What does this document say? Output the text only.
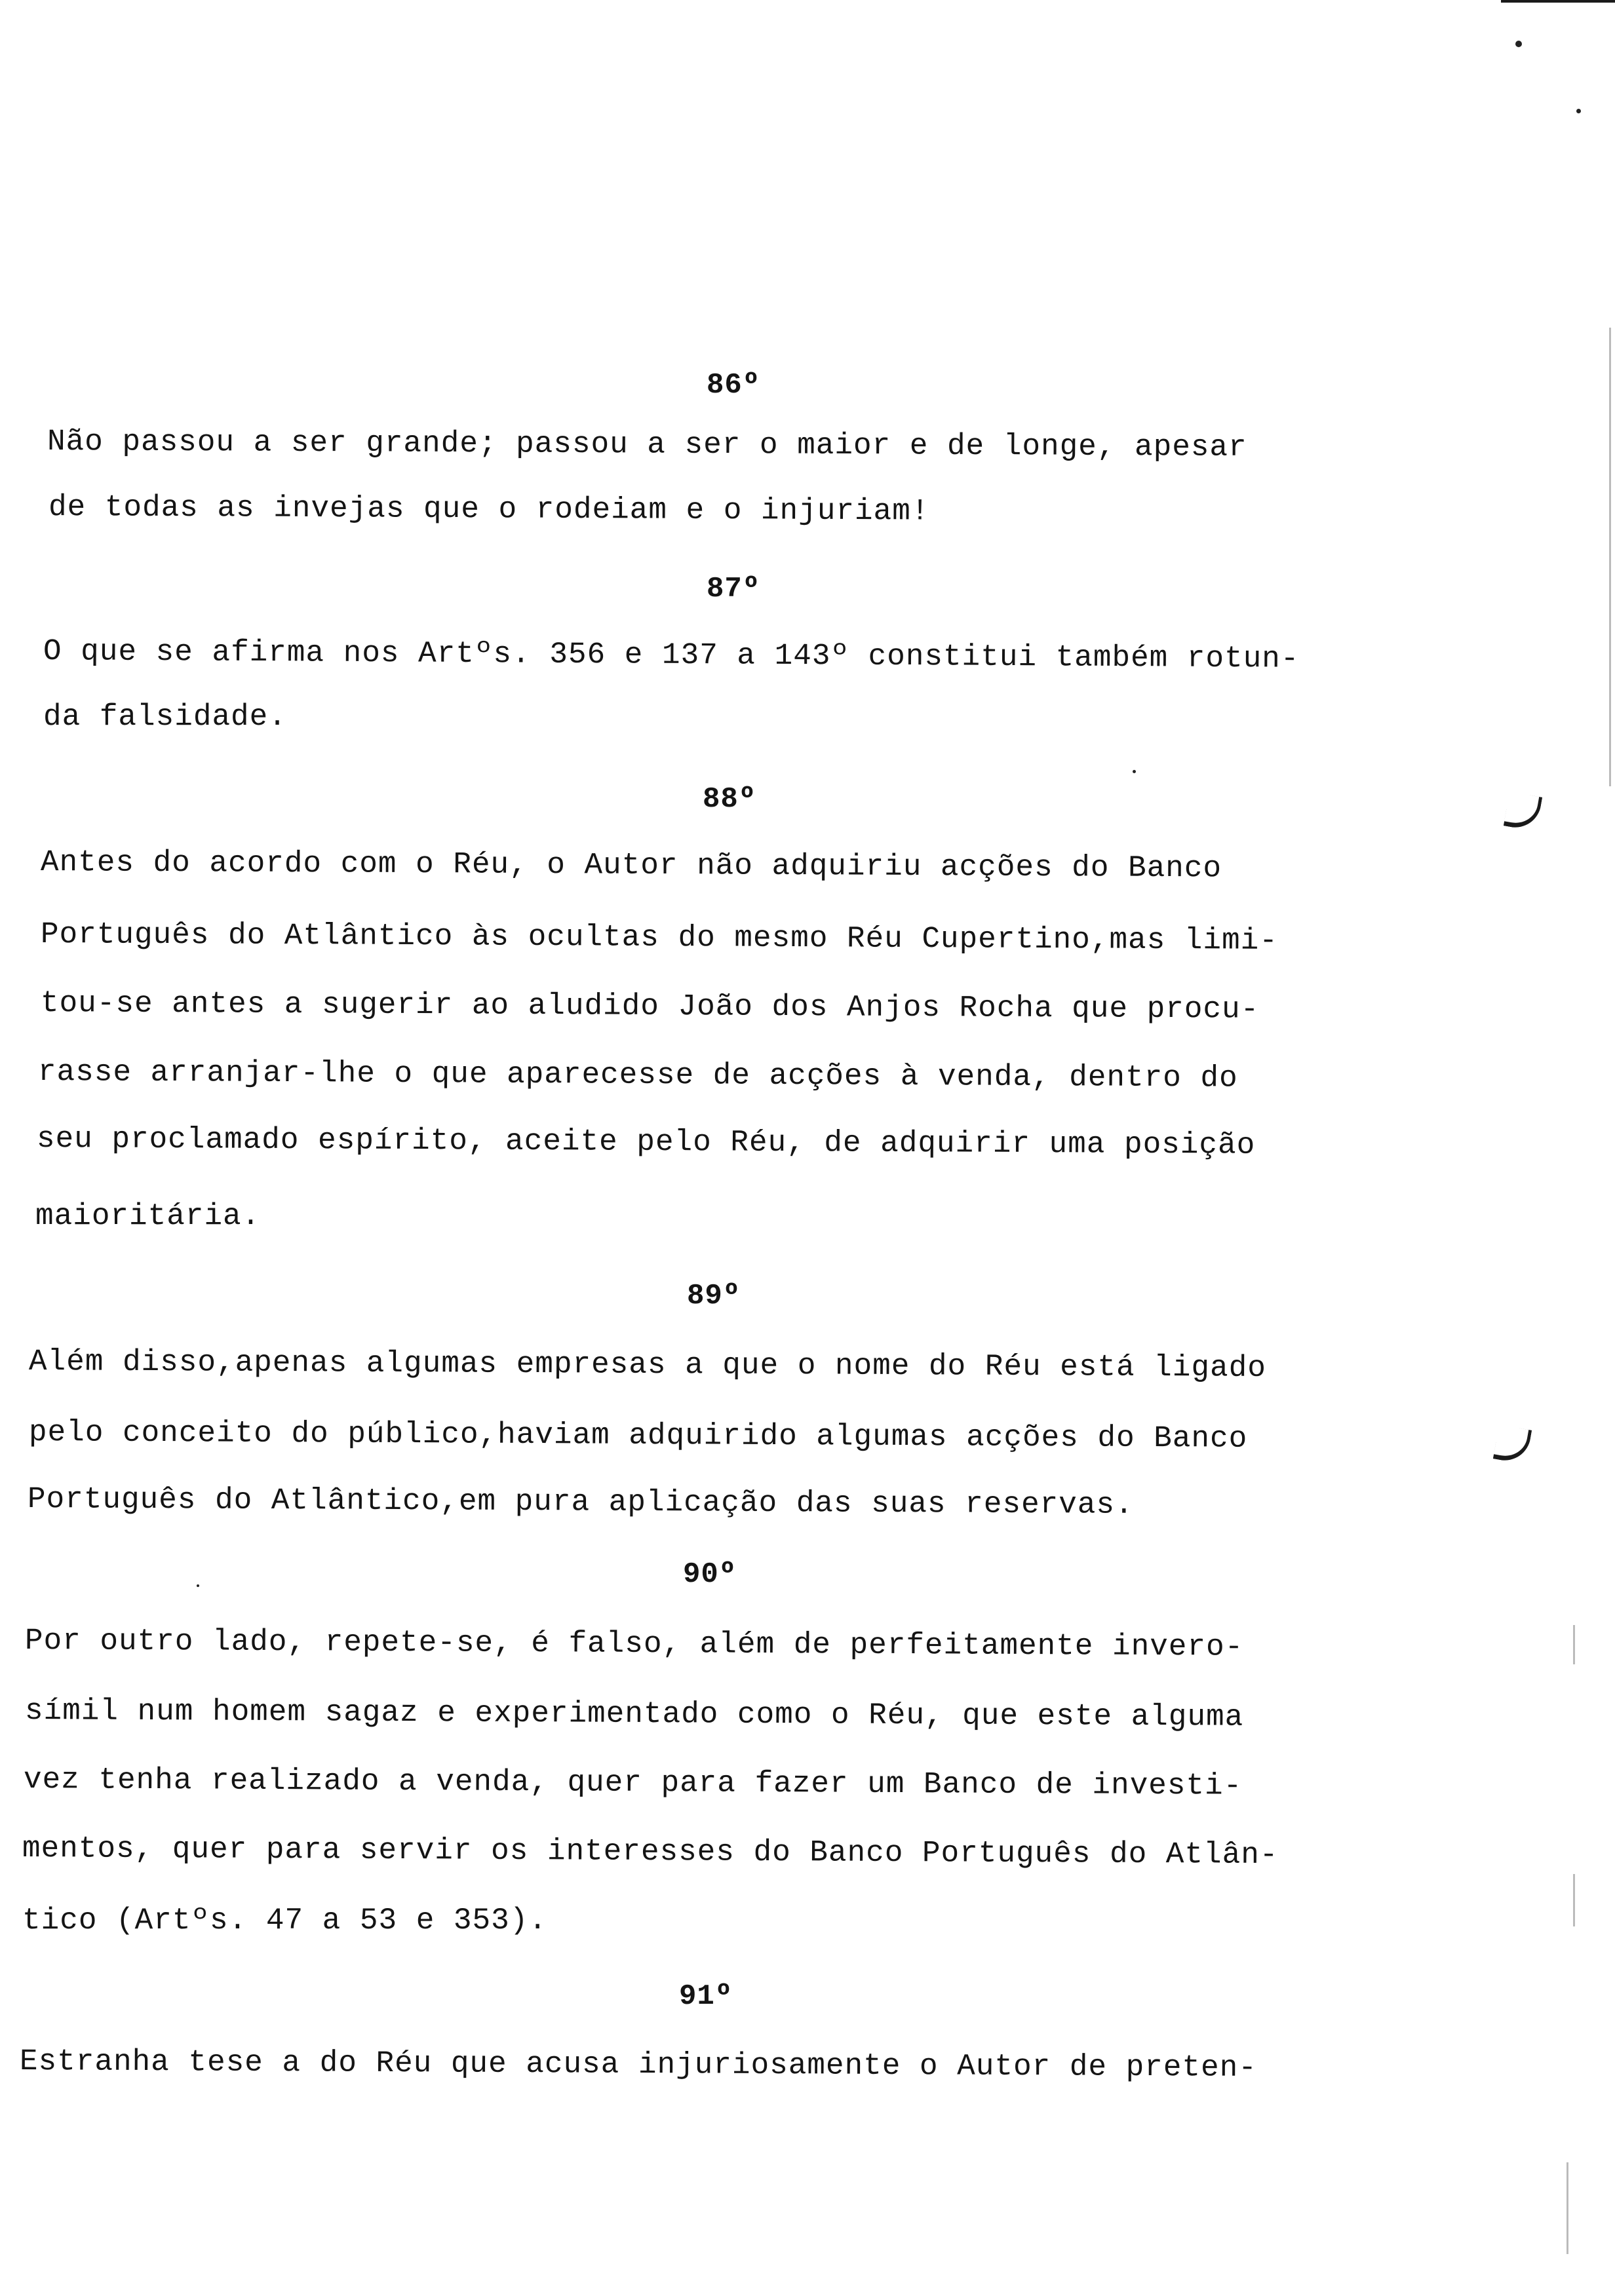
86º
Não passou a ser grande; passou a ser o maior e de longe, apesar
de todas as invejas que o rodeiam e o injuriam!
87º
O que se afirma nos Artºs. 356 e 137 a 143º constitui também rotun-
da falsidade.
88º
Antes do acordo com o Réu, o Autor não adquiriu acções do Banco
Português do Atlântico às ocultas do mesmo Réu Cupertino,mas limi-
tou-se antes a sugerir ao aludido João dos Anjos Rocha que procu-
rasse arranjar-lhe o que aparecesse de acções à venda, dentro do
seu proclamado espírito, aceite pelo Réu, de adquirir uma posição
maioritária.
89º
Além disso,apenas algumas empresas a que o nome do Réu está ligado
pelo conceito do público,haviam adquirido algumas acções do Banco
Português do Atlântico,em pura aplicação das suas reservas.
90º
Por outro lado, repete-se, é falso, além de perfeitamente invero-
símil num homem sagaz e experimentado como o Réu, que este alguma
vez tenha realizado a venda, quer para fazer um Banco de investi-
mentos, quer para servir os interesses do Banco Português do Atlân-
tico (Artºs. 47 a 53 e 353).
91º
Estranha tese a do Réu que acusa injuriosamente o Autor de preten-
